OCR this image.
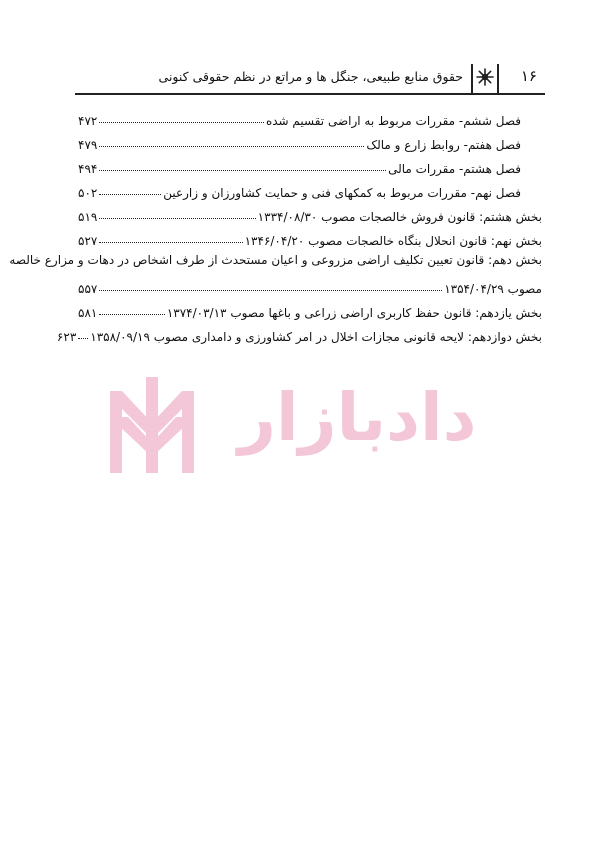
۱۶
حقوق منابع طبیعی، جنگل ها و مراتع در نظم حقوقی کنونی
فصل ششم- مقررات مربوط به اراضی تقسیم شده
۴۷۲
فصل هفتم- روابط زارع و مالک
۴۷۹
فصل هشتم- مقررات مالی
۴۹۴
فصل نهم- مقررات مربوط به کمکهای فنی و حمایت کشاورزان و زارعین
۵۰۲
بخش هشتم: قانون فروش خالصجات مصوب ۱۳۳۴/۰۸/۳۰
۵۱۹
بخش نهم: قانون انحلال بنگاه خالصجات مصوب ۱۳۴۶/۰۴/۲۰
۵۲۷
بخش دهم: قانون تعیین تکلیف اراضی مزروعی و اعیان مستحدث از طرف اشخاص در دهات و مزارع خالصه
مصوب ۱۳۵۴/۰۴/۲۹
۵۵۷
بخش یازدهم: قانون حفظ کاربری اراضی زراعی و باغها مصوب ۱۳۷۴/۰۳/۱۳
۵۸۱
بخش دوازدهم: لایحه قانونی مجازات اخلال در امر کشاورزی و دامداری مصوب ۱۳۵۸/۰۹/۱۹
۶۲۳
دادبازار
